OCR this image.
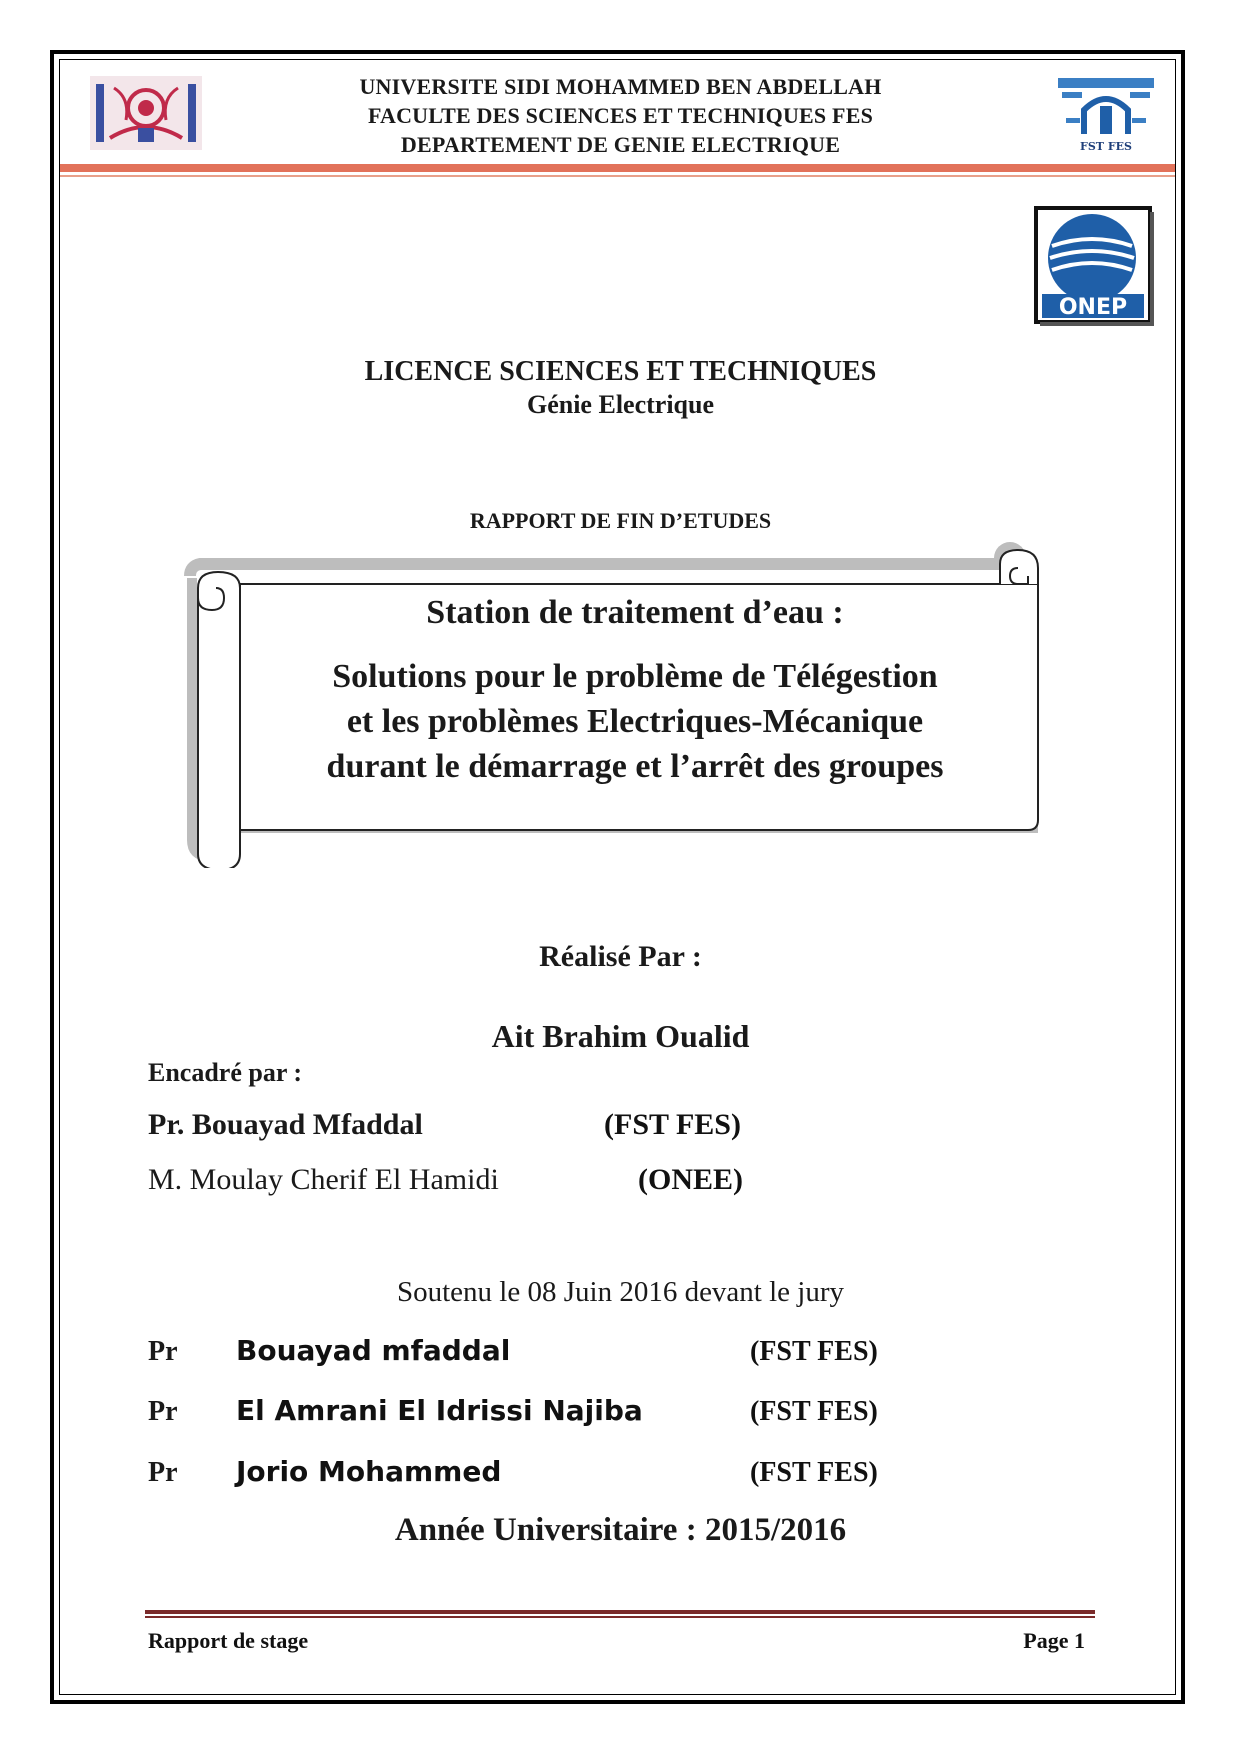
UNIVERSITE SIDI MOHAMMED BEN ABDELLAH
FACULTE DES SCIENCES ET TECHNIQUES FES
DEPARTEMENT DE GENIE ELECTRIQUE	FST FES
ONEP
LICENCE SCIENCES ET TECHNIQUES
Génie Electrique
RAPPORT DE FIN D’ETUDES
Station de traitement d’eau :
Solutions pour le problème de Télégestion
et les problèmes Electriques-Mécanique
durant le démarrage et l’arrêt des groupes
Réalisé Par :
Ait Brahim Oualid
Encadré par :
Pr. Bouayad Mfaddal	(FST FES)
M. Moulay Cherif El Hamidi	(ONEE)
Soutenu le 08 Juin 2016 devant le jury
Pr Bouayad mfaddal	(FST FES)
Pr El Amrani El Idrissi Najiba	(FST FES)
Pr Jorio Mohammed	(FST FES)
Année Universitaire : 2015/2016
Rapport de stage	Page 1
